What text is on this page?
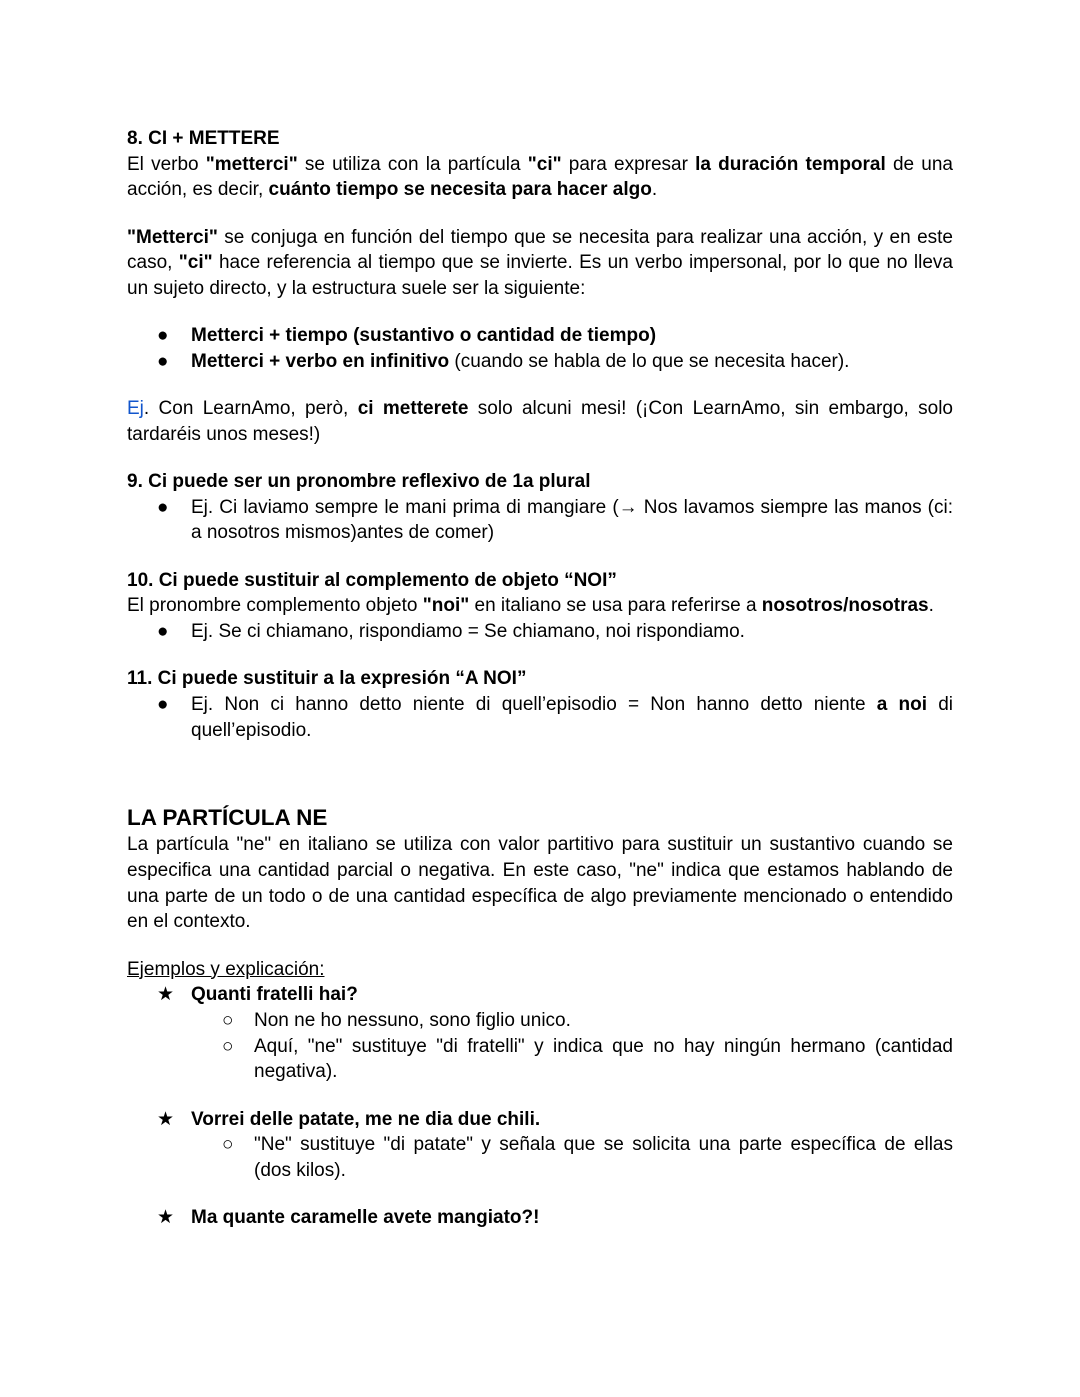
8. CI + METTERE

El verbo "metterci" se utiliza con la partícula "ci" para expresar la duración temporal de una acción, es decir, cuánto tiempo se necesita para hacer algo.

"Metterci" se conjuga en función del tiempo que se necesita para realizar una acción, y en este caso, "ci" hace referencia al tiempo que se invierte. Es un verbo impersonal, por lo que no lleva un sujeto directo, y la estructura suele ser la siguiente:

● Metterci + tiempo (sustantivo o cantidad de tiempo)
● Metterci + verbo en infinitivo (cuando se habla de lo que se necesita hacer).

Ej. Con LearnAmo, però, ci metterete solo alcuni mesi! (¡Con LearnAmo, sin embargo, solo tardaréis unos meses!)

9. Ci puede ser un pronombre reflexivo de 1a plural

● Ej. Ci laviamo sempre le mani prima di mangiare (→ Nos lavamos siempre las manos (ci: a nosotros mismos)antes de comer)

10. Ci puede sustituir al complemento de objeto “NOI”

El pronombre complemento objeto "noi" en italiano se usa para referirse a nosotros/nosotras.

● Ej. Se ci chiamano, rispondiamo = Se chiamano, noi rispondiamo.

11. Ci puede sustituir a la expresión “A NOI”

● Ej. Non ci hanno detto niente di quell’episodio = Non hanno detto niente a noi di quell’episodio.

LA PARTÍCULA NE

La partícula "ne" en italiano se utiliza con valor partitivo para sustituir un sustantivo cuando se especifica una cantidad parcial o negativa. En este caso, "ne" indica que estamos hablando de una parte de un todo o de una cantidad específica de algo previamente mencionado o entendido en el contexto.

Ejemplos y explicación:

★ Quanti fratelli hai?
○ Non ne ho nessuno, sono figlio unico.
○ Aquí, "ne" sustituye "di fratelli" y indica que no hay ningún hermano (cantidad negativa).
★ Vorrei delle patate, me ne dia due chili.
○ "Ne" sustituye "di patate" y señala que se solicita una parte específica de ellas (dos kilos).
★ Ma quante caramelle avete mangiato?!
